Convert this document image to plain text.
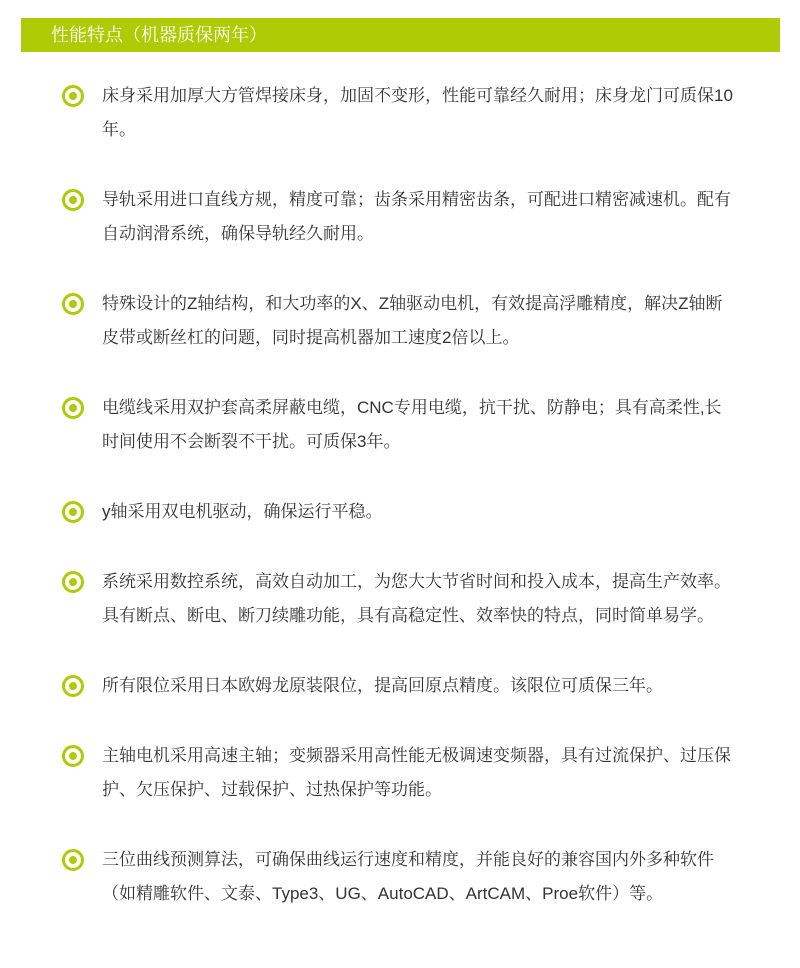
性能特点（机器质保两年）
床身采用加厚大方管焊接床身，加固不变形，性能可靠经久耐用；床身龙门可质保10年。
导轨采用进口直线方规，精度可靠；齿条采用精密齿条，可配进口精密减速机。配有自动润滑系统，确保导轨经久耐用。
特殊设计的Z轴结构，和大功率的X、Z轴驱动电机，有效提高浮雕精度，解决Z轴断皮带或断丝杠的问题，同时提高机器加工速度2倍以上。
电缆线采用双护套高柔屏蔽电缆，CNC专用电缆，抗干扰、防静电；具有高柔性,长时间使用不会断裂不干扰。可质保3年。
y轴采用双电机驱动，确保运行平稳。
系统采用数控系统，高效自动加工，为您大大节省时间和投入成本，提高生产效率。具有断点、断电、断刀续雕功能，具有高稳定性、效率快的特点，同时简单易学。
所有限位采用日本欧姆龙原装限位，提高回原点精度。该限位可质保三年。
主轴电机采用高速主轴；变频器采用高性能无极调速变频器，具有过流保护、过压保护、欠压保护、过载保护、过热保护等功能。
三位曲线预测算法，可确保曲线运行速度和精度，并能良好的兼容国内外多种软件（如精雕软件、文泰、Type3、UG、AutoCAD、ArtCAM、Proe软件）等。
